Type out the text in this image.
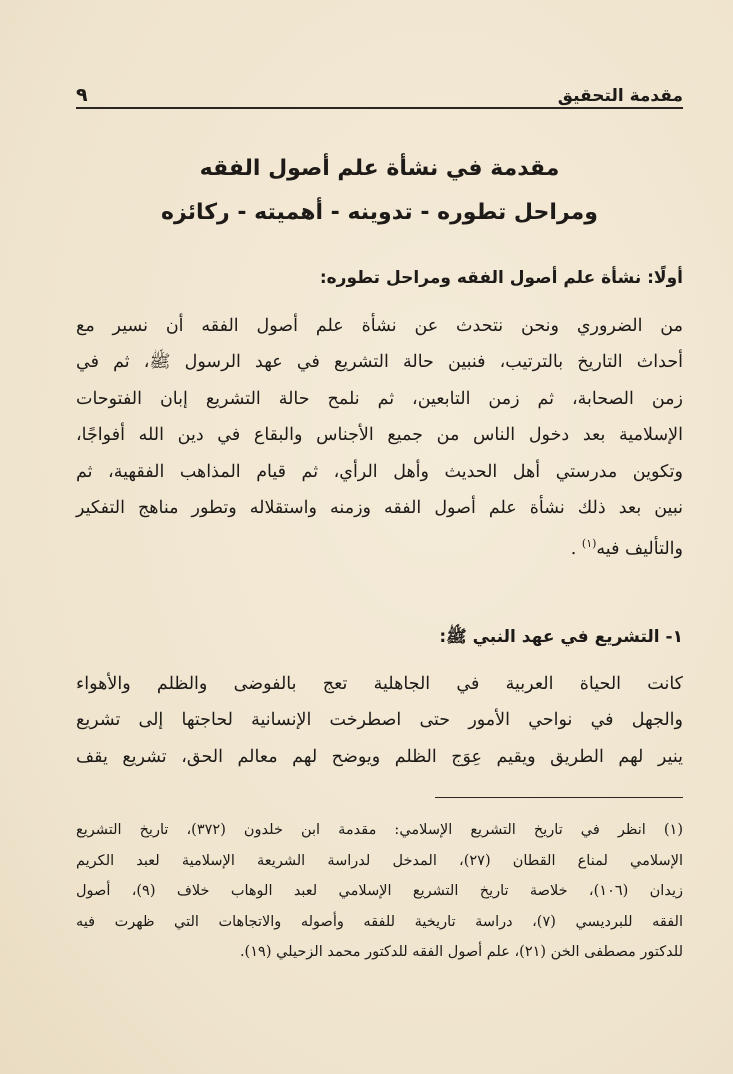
مقدمة التحقيق
٩
مقدمة في نشأة علم أصول الفقه
ومراحل تطوره - تدوينه - أهميته - ركائزه
أولًا: نشأة علم أصول الفقه ومراحل تطوره:
من الضروري ونحن نتحدث عن نشأة علم أصول الفقه أن نسير مع
أحداث التاريخ بالترتيب، فنبين حالة التشريع في عهد الرسول ﷺ، ثم في
زمن الصحابة، ثم زمن التابعين، ثم نلمح حالة التشريع إبان الفتوحات
الإسلامية بعد دخول الناس من جميع الأجناس والبقاع في دين الله أفواجًا،
وتكوين مدرستي أهل الحديث وأهل الرأي، ثم قيام المذاهب الفقهية، ثم
نبين بعد ذلك نشأة علم أصول الفقه وزمنه واستقلاله وتطور مناهج التفكير
والتأليف فيه$^{(١)}$ .
١- التشريع في عهد النبي ﷺ:
كانت الحياة العربية في الجاهلية تعج بالفوضى والظلم والأهواء
والجهل في نواحي الأمور حتى اصطرخت الإنسانية لحاجتها إلى تشريع
ينير لهم الطريق ويقيم عِوَج الظلم ويوضح لهم معالم الحق، تشريع يقف
(١) انظر في تاريخ التشريع الإسلامي: مقدمة ابن خلدون (٣٧٢)، تاريخ التشريع
الإسلامي لمناع القطان (٢٧)، المدخل لدراسة الشريعة الإسلامية لعبد الكريم
زيدان (١٠٦)، خلاصة تاريخ التشريع الإسلامي لعبد الوهاب خلاف (٩)، أصول
الفقه للبرديسي (٧)، دراسة تاريخية للفقه وأصوله والاتجاهات التي ظهرت فيه
للدكتور مصطفى الخن (٢١)، علم أصول الفقه للدكتور محمد الزحيلي (١٩).
